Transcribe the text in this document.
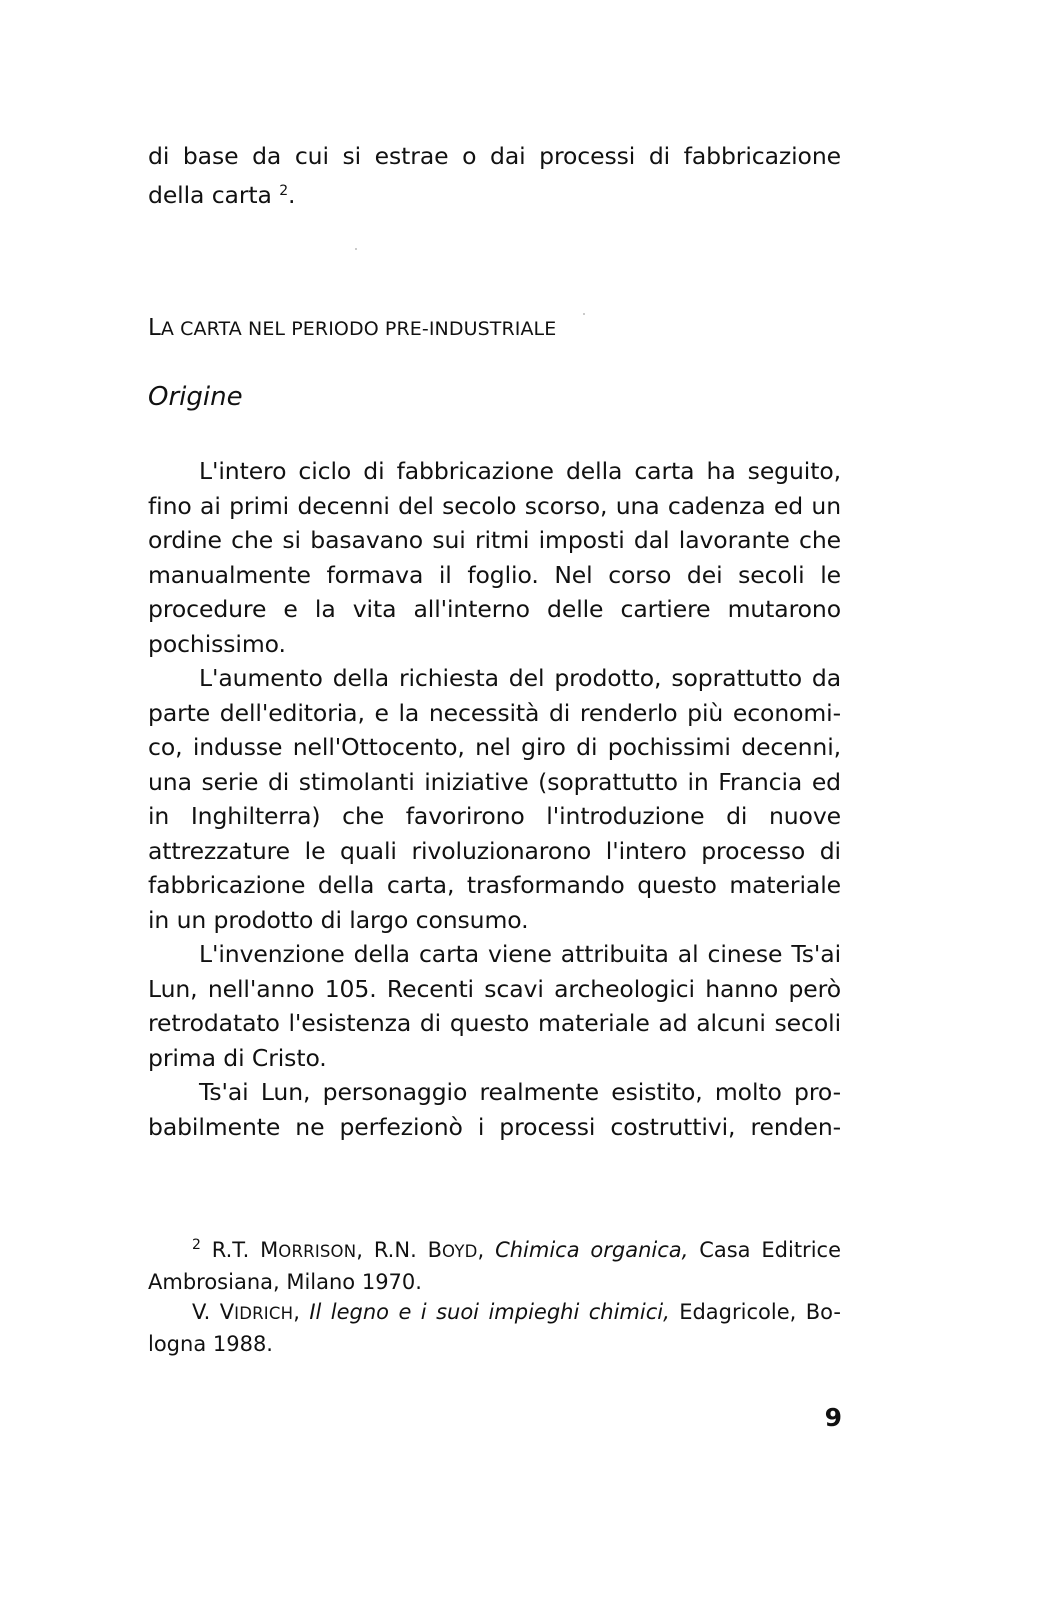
di base da cui si estrae o dai processi di fabbricazione
della carta $^2$.
LA CARTA NEL PERIODO PRE-INDUSTRIALE
Origine
L'intero ciclo di fabbricazione della carta ha seguito,
fino ai primi decenni del secolo scorso, una cadenza ed un
ordine che si basavano sui ritmi imposti dal lavorante che
manualmente formava il foglio. Nel corso dei secoli le
procedure e la vita all'interno delle cartiere mutarono
pochissimo.
L'aumento della richiesta del prodotto, soprattutto da
parte dell'editoria, e la necessità di renderlo più economi-
co, indusse nell'Ottocento, nel giro di pochissimi decenni,
una serie di stimolanti iniziative (soprattutto in Francia ed
in Inghilterra) che favorirono l'introduzione di nuove
attrezzature le quali rivoluzionarono l'intero processo di
fabbricazione della carta, trasformando questo materiale
in un prodotto di largo consumo.
L'invenzione della carta viene attribuita al cinese Ts'ai
Lun, nell'anno 105. Recenti scavi archeologici hanno però
retrodatato l'esistenza di questo materiale ad alcuni secoli
prima di Cristo.
Ts'ai Lun, personaggio realmente esistito, molto pro-
babilmente ne perfezionò i processi costruttivi, renden-
$^2$ R.T. MORRISON, R.N. BOYD, Chimica organica, Casa Editrice
Ambrosiana, Milano 1970.
V. VIDRICH, Il legno e i suoi impieghi chimici, Edagricole, Bo-
logna 1988.
9
